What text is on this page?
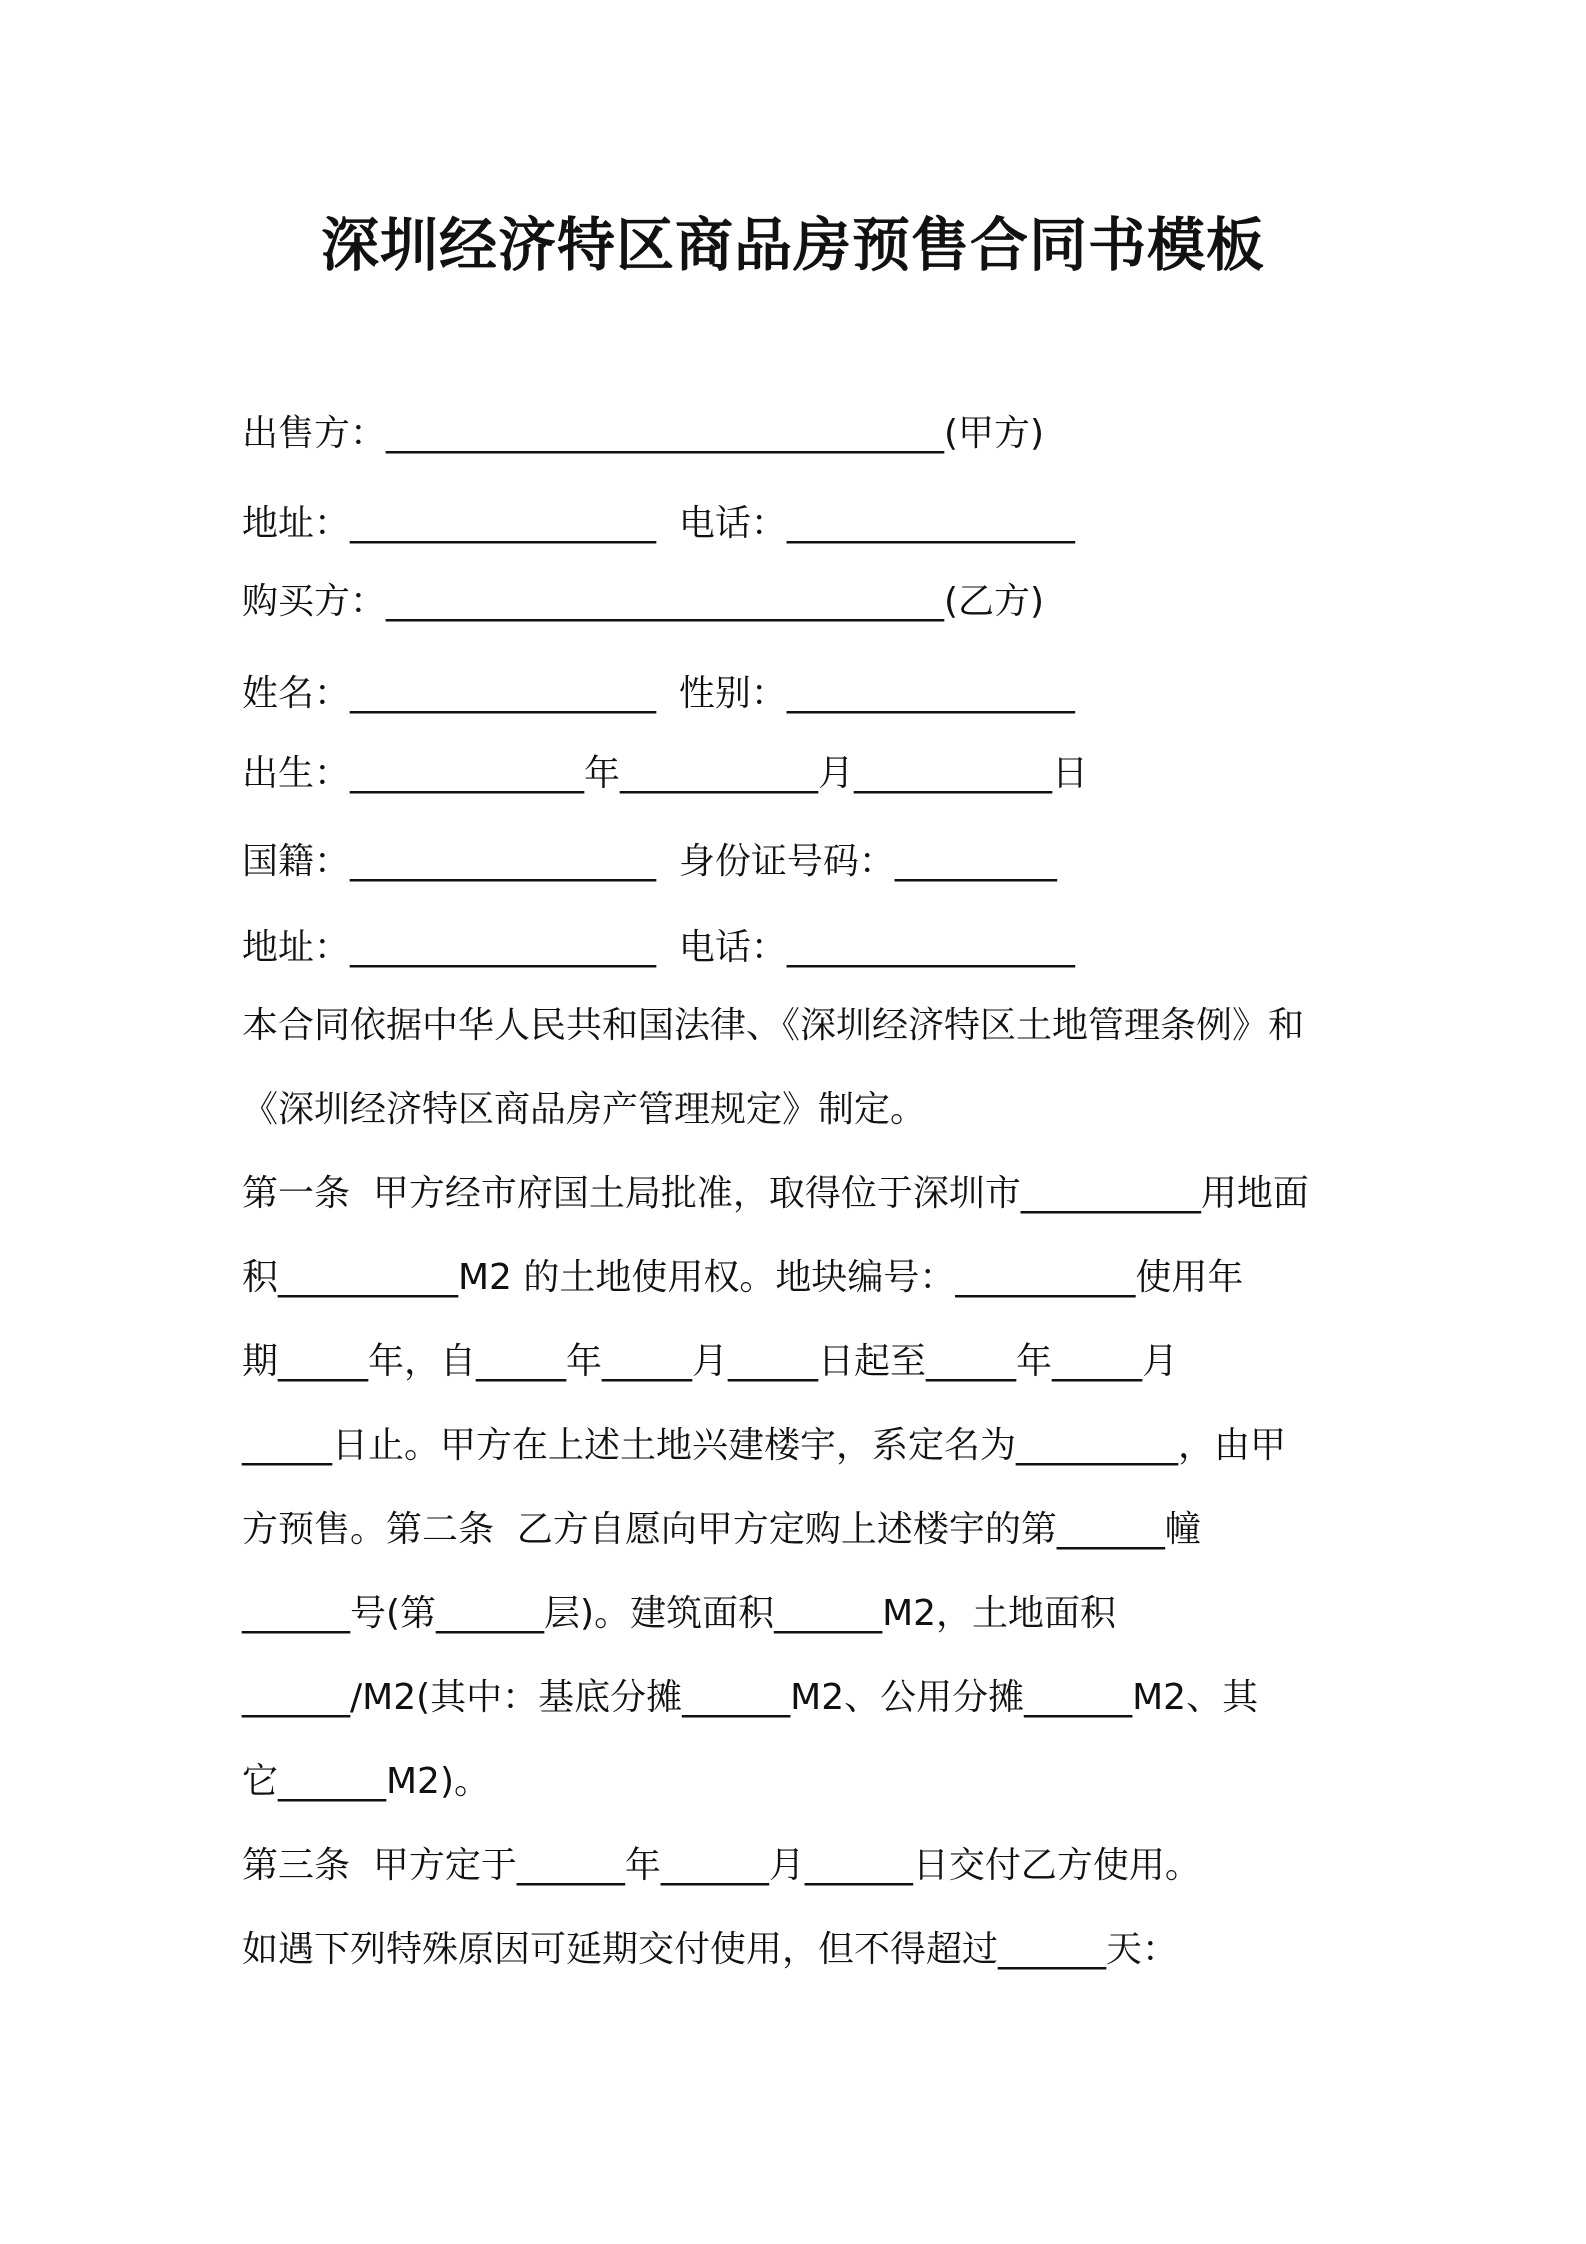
深圳经济特区商品房预售合同书模板
出售方：_______________________________(甲方)
地址：_________________  电话：________________
购买方：_______________________________(乙方)
姓名：_________________  性别：________________
出生：_____________年___________月___________日
国籍：_________________  身份证号码：_________
地址：_________________  电话：________________
本合同依据中华人民共和国法律、《深圳经济特区土地管理条例》和
《深圳经济特区商品房产管理规定》制定。
第一条  甲方经市府国土局批准，取得位于深圳市__________用地面
积__________M2 的土地使用权。地块编号：__________使用年
期_____年，自_____年_____月_____日起至_____年_____月
_____日止。甲方在上述土地兴建楼宇，系定名为_________，由甲
方预售。第二条  乙方自愿向甲方定购上述楼宇的第______幢
______号(第______层)。建筑面积______M2，土地面积
______/M2(其中：基底分摊______M2、公用分摊______M2、其
它______M2)。
第三条  甲方定于______年______月______日交付乙方使用。
如遇下列特殊原因可延期交付使用，但不得超过______天：
